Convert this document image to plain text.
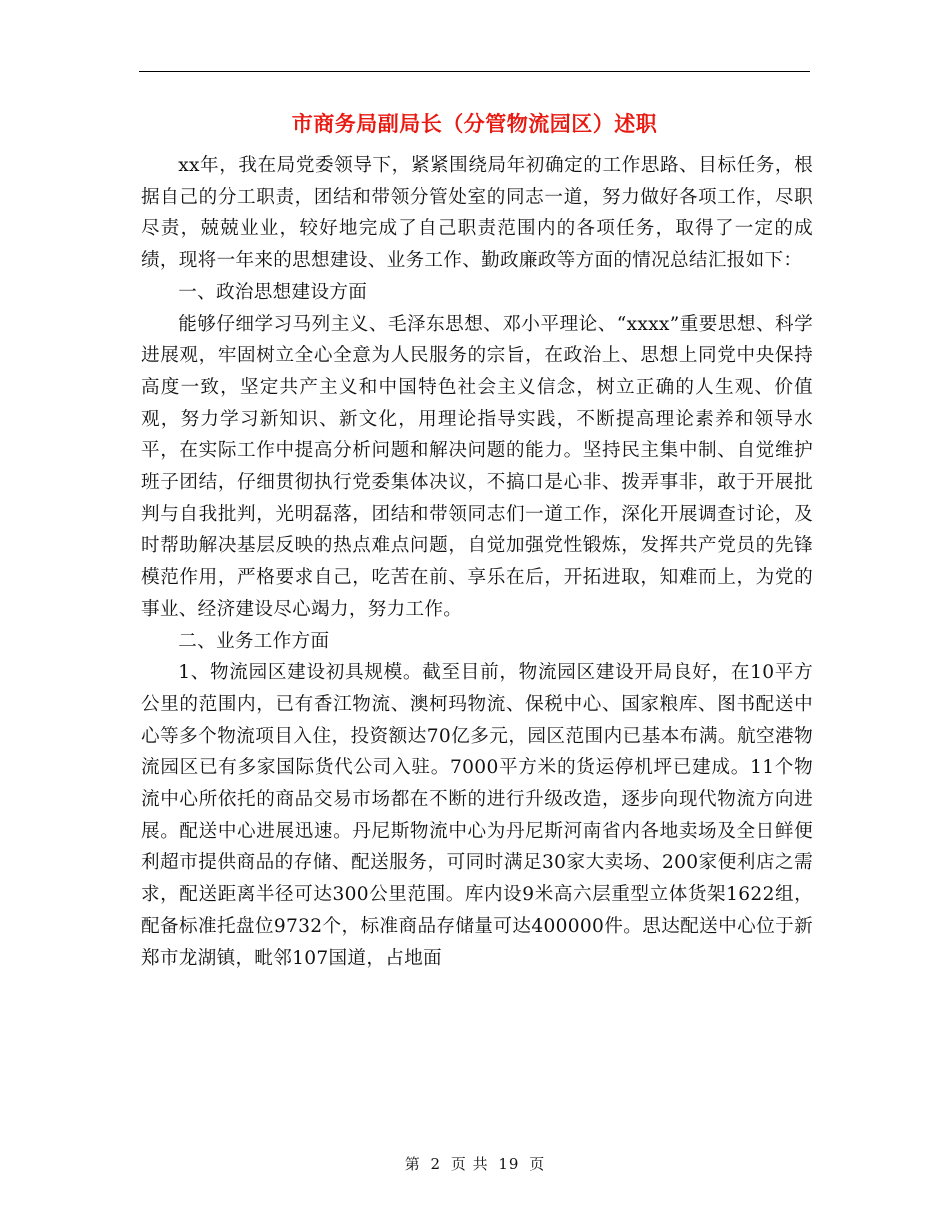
市商务局副局长（分管物流园区）述职

xx年，我在局党委领导下，紧紧围绕局年初确定的工作思路、目标任务，根据自己的分工职责，团结和带领分管处室的同志一道，努力做好各项工作，尽职尽责，兢兢业业，较好地完成了自己职责范围内的各项任务，取得了一定的成绩，现将一年来的思想建设、业务工作、勤政廉政等方面的情况总结汇报如下：

一、政治思想建设方面

能够仔细学习马列主义、毛泽东思想、邓小平理论、“xxxx”重要思想、科学进展观，牢固树立全心全意为人民服务的宗旨，在政治上、思想上同党中央保持高度一致，坚定共产主义和中国特色社会主义信念，树立正确的人生观、价值观，努力学习新知识、新文化，用理论指导实践，不断提高理论素养和领导水平，在实际工作中提高分析问题和解决问题的能力。坚持民主集中制、自觉维护班子团结，仔细贯彻执行党委集体决议，不搞口是心非、拨弄事非，敢于开展批判与自我批判，光明磊落，团结和带领同志们一道工作，深化开展调查讨论，及时帮助解决基层反映的热点难点问题，自觉加强党性锻炼，发挥共产党员的先锋模范作用，严格要求自己，吃苦在前、享乐在后，开拓进取，知难而上，为党的事业、经济建设尽心竭力，努力工作。

二、业务工作方面

1、物流园区建设初具规模。截至目前，物流园区建设开局良好，在10平方公里的范围内，已有香江物流、澳柯玛物流、保税中心、国家粮库、图书配送中心等多个物流项目入住，投资额达70亿多元，园区范围内已基本布满。航空港物流园区已有多家国际货代公司入驻。7000平方米的货运停机坪已建成。11个物流中心所依托的商品交易市场都在不断的进行升级改造，逐步向现代物流方向进展。配送中心进展迅速。丹尼斯物流中心为丹尼斯河南省内各地卖场及全日鲜便利超市提供商品的存储、配送服务，可同时满足30家大卖场、200家便利店之需求，配送距离半径可达300公里范围。库内设9米高六层重型立体货架1622组，配备标准托盘位9732个，标准商品存储量可达400000件。思达配送中心位于新郑市龙湖镇，毗邻107国道，占地面

第 2 页 共 19 页
